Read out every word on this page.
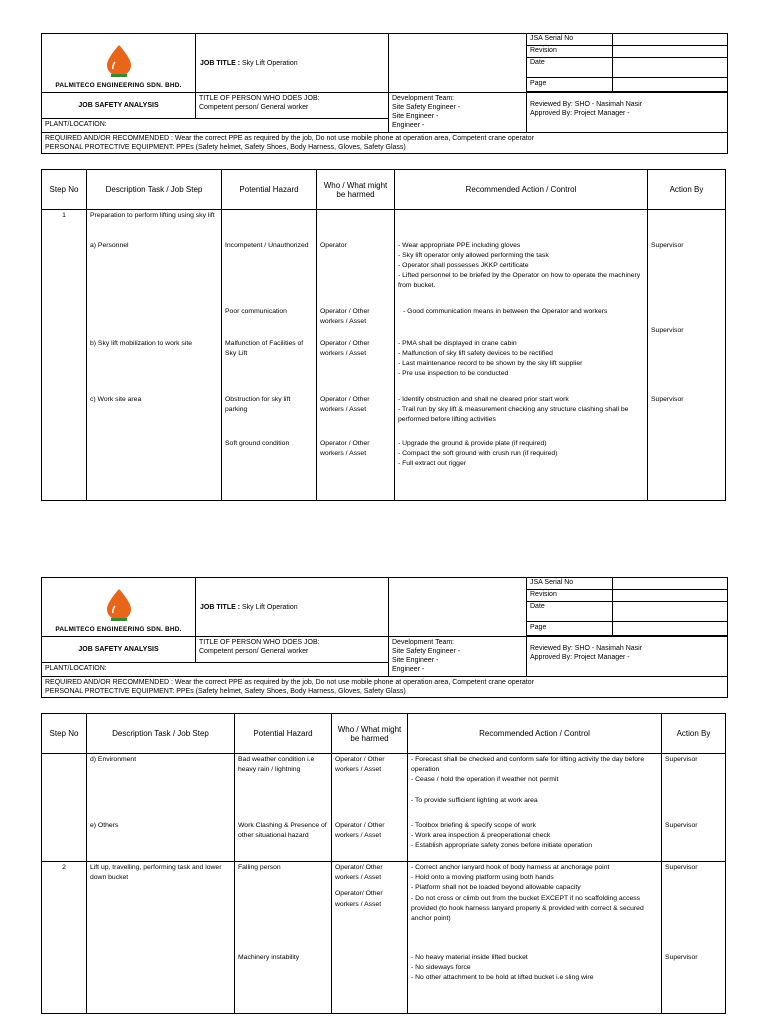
PALMITECO ENGINEERING SDN. BHD.	JOB TITLE : Sky Lift Operation		JSA Serial No
Revision
Date
Page	

JOB SAFETY ANALYSIS	TITLE OF PERSON WHO DOES JOB:
Competent person/ General worker	Development Team:
Site Safety Engineer -
Site Engineer -
Engineer -	Reviewed By: SHO - Nasimah Nasir
Approved By: Project Manager -	

PLANT/LOCATION:				

REQUIRED AND/OR RECOMMENDED : Wear the correct PPE as required by the job, Do not use mobile phone at operation area, Competent crane operator
PERSONAL PROTECTIVE EQUIPMENT: PPEs (Safety helmet, Safety Shoes, Body Harness, Gloves, Safety Glass)				
Step No	Description Task / Job Step	Potential Hazard	Who / What might be harmed	Recommended Action / Control	Action By
1	Preparation to perform lifting using sky lift				
	a) Personnel	Incompetent / Unauthorized	Operator	- Wear appropriate PPE including gloves
- Sky lift operator only allowed performing the task
- Operator shall possesses JKKP certificate
- Lifted personnel to be briefed by the Operator on how to operate the machinery from bucket.	Supervisor
		Poor communication	Operator / Other workers / Asset	- Good communication means in between the Operator and workers	Supervisor
	b) Sky lift mobilization to work site	Malfunction of Facilities of Sky Lift	Operator / Other workers / Asset	- PMA shall be displayed in crane cabin
- Malfunction of sky lift safety devices to be rectified
- Last maintenance record to be shown by the sky lift supplier
- Pre use inspection to be conducted	

	c) Work site area	Obstruction for sky lift parking	Operator / Other workers / Asset	- Identify obstruction and shall ne cleared prior start work
- Trail run by sky lift & measurement checking any structure clashing shall be performed before lifting activities	Supervisor
		Soft ground condition	Operator / Other workers / Asset	- Upgrade the ground & provide plate (if required)
- Compact the soft ground with crush run (if required)
- Full extract out rigger	

PALMITECO ENGINEERING SDN. BHD.	JOB TITLE : Sky Lift Operation		JSA Serial No
Revision
Date
Page	

JOB SAFETY ANALYSIS	TITLE OF PERSON WHO DOES JOB:
Competent person/ General worker	Development Team:
Site Safety Engineer -
Site Engineer -
Engineer -	Reviewed By: SHO - Nasimah Nasir
Approved By: Project Manager -	

PLANT/LOCATION:				

REQUIRED AND/OR RECOMMENDED : Wear the correct PPE as required by the job, Do not use mobile phone at operation area, Competent crane operator
PERSONAL PROTECTIVE EQUIPMENT: PPEs (Safety helmet, Safety Shoes, Body Harness, Gloves, Safety Glass)				
Step No	Description Task / Job Step	Potential Hazard	Who / What might be harmed	Recommended Action / Control	Action By
	d) Environment	Bad weather condition i.e heavy rain / lightning	Operator / Other workers / Asset	- Forecast shall be checked and conform safe for lifting activity the day before operation
- Cease / hold the operation if weather not permit
- To provide sufficient lighting at work area	Supervisor
	e) Others	Work Clashing & Presence of other situational hazard	Operator / Other workers / Asset	- Toolbox briefing & specify scope of work
- Work area inspection & preoperational check
- Establish appropriate safety zones before initiate operation	Supervisor
2	Lift up, travelling, performing task and lower down bucket	Falling person	Operator/ Other workers / Asset
Operator/ Other workers / Asset	- Correct anchor lanyard hook of body harness at anchorage point
- Hold onto a moving platform using both hands
- Platform shall not be loaded beyond allowable capacity
- Do not cross or climb out from the bucket EXCEPT if no scaffolding access provided (to hook harness lanyard properly & provided with correct & secured anchor point)	Supervisor
		Machinery instability		- No heavy material inside lifted bucket
- No sideways force
- No other attachment to be hold at lifted bucket i.e sling wire	Supervisor
